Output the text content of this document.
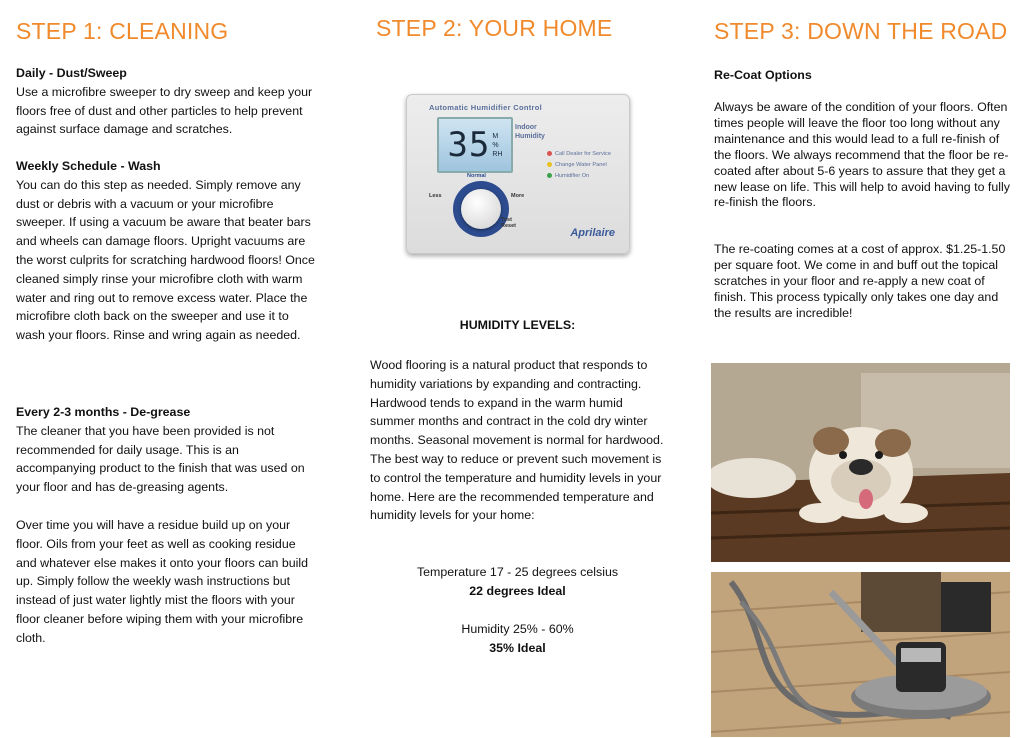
STEP 1: CLEANING

Daily - Dust/Sweep

Use a microfibre sweeper to dry sweep and keep your floors free of dust and other particles to help prevent against surface damage and scratches.

Weekly Schedule - Wash

You can do this step as needed. Simply remove any dust or debris with a vacuum or your microfibre sweeper. If using a vacuum be aware that beater bars and wheels can damage floors. Upright vacuums are the worst culprits for scratching hardwood floors! Once cleaned simply rinse your microfibre cloth with warm water and ring out to remove excess water. Place the microfibre cloth back on the sweeper and use it to wash your floors. Rinse and wring again as needed.

Every 2-3 months - De-grease

The cleaner that you have been provided is not recommended for daily usage. This is an accompanying product to the finish that was used on your floor and has de-greasing agents.

Over time you will have a residue build up on your floor. Oils from your feet as well as cooking residue and whatever else makes it onto your floors can build up. Simply follow the weekly wash instructions but instead of just water lightly mist the floors with your floor cleaner before wiping them with your microfibre cloth.

STEP 2: YOUR HOME
Automatic Humidifier Control
35 M
%
RH
Indoor
Humidity
Call Dealer for Service
Change Water Panel
Humidifier On
Normal
Less	More
Test
Reset
Aprilaire
HUMIDITY LEVELS:

Wood flooring is a natural product that responds to humidity variations by expanding and contracting. Hardwood tends to expand in the warm humid summer months and contract in the cold dry winter months. Seasonal movement is normal for hardwood. The best way to reduce or prevent such movement is to control the temperature and humidity levels in your home. Here are the recommended temperature and humidity levels for your home:

Temperature 17 - 25 degrees celsius
22 degrees Ideal
Humidity 25% - 60%
35% Ideal
STEP 3: DOWN THE ROAD
Re-Coat Options

Always be aware of the condition of your floors. Often times people will leave the floor too long without any maintenance and this would lead to a full re-finish of the floors. We always recommend that the floor be re-coated after about 5-6 years to assure that they get a new lease on life. This will help to avoid having to fully re-finish the floors.

The re-coating comes at a cost of approx. $1.25-1.50 per square foot. We come in and buff out the topical scratches in your floor and re-apply a new coat of finish. This process typically only takes one day and the results are incredible!
